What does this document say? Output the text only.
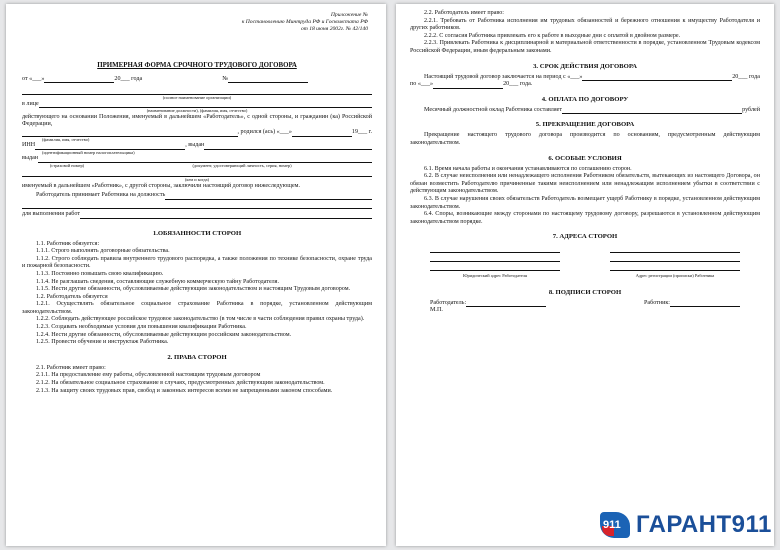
Приложение №

к Постановлению Минтруда РФ и Госкомстата РФ

от 18 июня 2002г. № 42/140

ПРИМЕРНАЯ ФОРМА СРОЧНОГО ТРУДОВОГО ДОГОВОРА

от «___»	20___ года	№
(полное наименование организации)
в лице
(наименование должности), (фамилия, имя, отчество)

действующего на основании Положения, именуемый в дальнейшем «Работодатель», с одной стороны, и гражданин (ка) Российской Федерации,

, родился (ась) «___»	19___ г.
(фамилия, имя, отчество)
ИНН	, выдан
(идентификационный номер налогоплательщика)
выдан
(страховой номер)	(документ, удостоверяющий личность, серия, номер)
(кем и когда)

именуемый в дальнейшем «Работник», с другой стороны, заключили настоящий договор нижеследующем.

Работодатель принимает Работника на должность
для выполнения работ
1.ОБЯЗАННОСТИ СТОРОН

1.1. Работник обязуется:

1.1.1. Строго выполнять договорные обязательства.

1.1.2. Строго соблюдать правила внутреннего трудового распорядка, а также положения по технике безопасности, охране труда и пожарной безопасности.

1.1.3. Постоянно повышать свою квалификацию.

1.1.4. Не разглашать сведения, составляющие служебную коммерческую тайну Работодателя.

1.1.5. Нести другие обязанности, обусловливаемые действующим законодательством и настоящим Трудовым договором.

1.2. Работодатель обязуется

1.2.1. Осуществлять обязательное социальное страхование Работника в порядке, установленном действующим законодательством.

1.2.2. Соблюдать действующее российское трудовое законодательство (в том числе в части соблюдения правил охраны труда).

1.2.3. Создавать необходимые условия для повышения квалификации Работника.

1.2.4. Нести другие обязанности, обусловливаемые действующим российским законодательством.

1.2.5. Провести обучение и инструктаж Работника.

2. ПРАВА СТОРОН

2.1. Работник имеет право:

2.1.1. На предоставление ему работы, обусловленной настоящим трудовым договором

2.1.2. На обязательное социальное страхование в случаях, предусмотренных действующим законодательством.

2.1.3. На защиту своих трудовых прав, свобод и законных интересов всеми не запрещенными законом способами.

2.2. Работодатель имеет право:

2.2.1. Требовать от Работника исполнения им трудовых обязанностей и бережного отношения к имуществу Работодателя и других работников.

2.2.2. С согласия Работника привлекать его к работе в выходные дни с оплатой в двойном размере.

2.2.3. Привлекать Работника к дисциплинарной и материальной ответственности в порядке, установленном Трудовым кодексом Российской Федерации, иным федеральным законами.

3. СРОК ДЕЙСТВИЯ ДОГОВОРА
Настоящий трудовой договор заключается на период с «___»	20___ года
по «___»	20___ года.
4. ОПЛАТА ПО ДОГОВОРУ
Месячный должностной оклад Работника составляет	рублей
5. ПРЕКРАЩЕНИЕ ДОГОВОРА

Прекращение настоящего трудового договора производится по основаниям, предусмотренным действующим законодательством.

6. ОСОБЫЕ УСЛОВИЯ

6.1. Время начала работы и окончания устанавливаются по соглашению сторон.

6.2. В случае неисполнения или ненадлежащего исполнения Работником обязательств, вытекающих из настоящего Договора, он обязан возместить Работодателю причиненные такими неисполнением или ненадлежащим исполнением убытки в соответствии с действующим законодательством.

6.3. В случае нарушения своих обязательств Работодатель возмещает ущерб Работнику в порядке, установленном действующим законодательством.

6.4. Споры, возникающие между сторонами по настоящему трудовому договору, разрешаются в установленном действующим законодательством порядке.

7. АДРЕСА СТОРОН
Юридический адрес Работодателя	Адрес регистрации (прописки) Работника
8. ПОДПИСИ СТОРОН
Работодатель:

М.П.

Работник:
911 ГАРАНТ911
